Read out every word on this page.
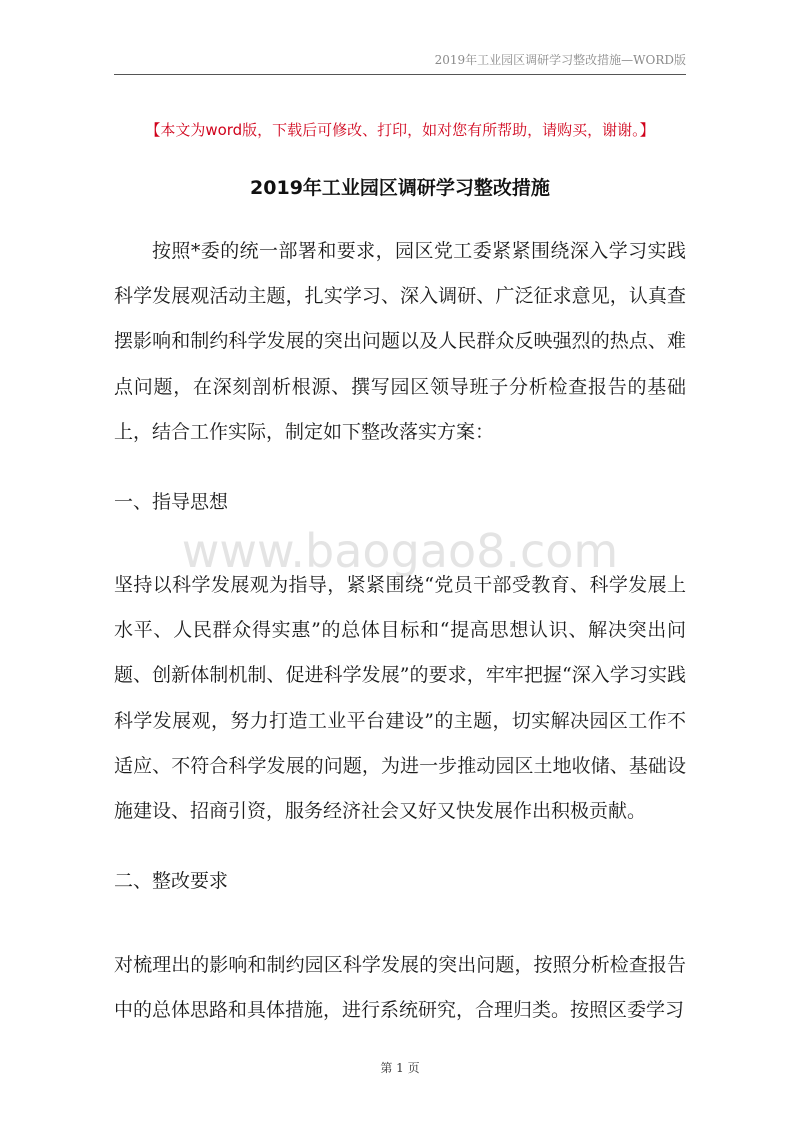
2019年工业园区调研学习整改措施—WORD版
【本文为word版，下载后可修改、打印，如对您有所帮助，请购买，谢谢。】
2019年工业园区调研学习整改措施

按照*委的统一部署和要求，园区党工委紧紧围绕深入学习实践科学发展观活动主题，扎实学习、深入调研、广泛征求意见，认真查摆影响和制约科学发展的突出问题以及人民群众反映强烈的热点、难点问题，在深刻剖析根源、撰写园区领导班子分析检查报告的基础上，结合工作实际，制定如下整改落实方案：

一、指导思想
www.baogao8.com

坚持以科学发展观为指导，紧紧围绕“党员干部受教育、科学发展上水平、人民群众得实惠”的总体目标和“提高思想认识、解决突出问题、创新体制机制、促进科学发展”的要求，牢牢把握“深入学习实践科学发展观，努力打造工业平台建设”的主题，切实解决园区工作不适应、不符合科学发展的问题，为进一步推动园区土地收储、基础设施建设、招商引资，服务经济社会又好又快发展作出积极贡献。

二、整改要求

对梳理出的影响和制约园区科学发展的突出问题，按照分析检查报告中的总体思路和具体措施，进行系统研究，合理归类。按照区委学习

第 1 页
